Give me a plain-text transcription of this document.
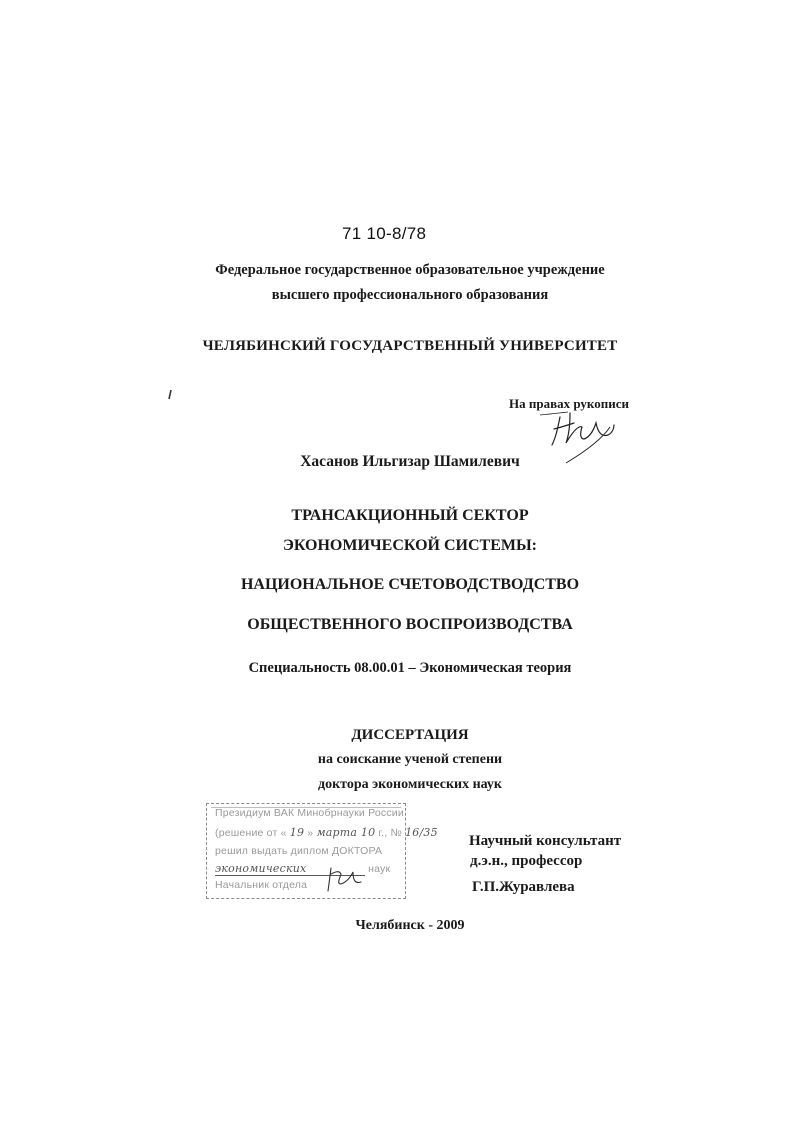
71 10-8/78
Федеральное государственное образовательное учреждение
высшего профессионального образования
ЧЕЛЯБИНСКИЙ ГОСУДАРСТВЕННЫЙ УНИВЕРСИТЕТ
На правах рукописи
Хасанов Ильгизар Шамилевич
ТРАНСАКЦИОННЫЙ СЕКТОР
ЭКОНОМИЧЕСКОЙ СИСТЕМЫ:
НАЦИОНАЛЬНОЕ СЧЕТОВОДСТВОДСТВО
ОБЩЕСТВЕННОГО ВОСПРОИЗВОДСТВА
Специальность 08.00.01 – Экономическая теория
ДИССЕРТАЦИЯ
на соискание ученой степени
доктора экономических наук
Президиум ВАК Минобрнауки России
(решение от « 19 » марта 10 г., № 16/35
решил выдать диплом ДОКТОРА
экономических	наук
Начальник отдела
Научный консультант
д.э.н., профессор
Г.П.Журавлева
Челябинск - 2009
